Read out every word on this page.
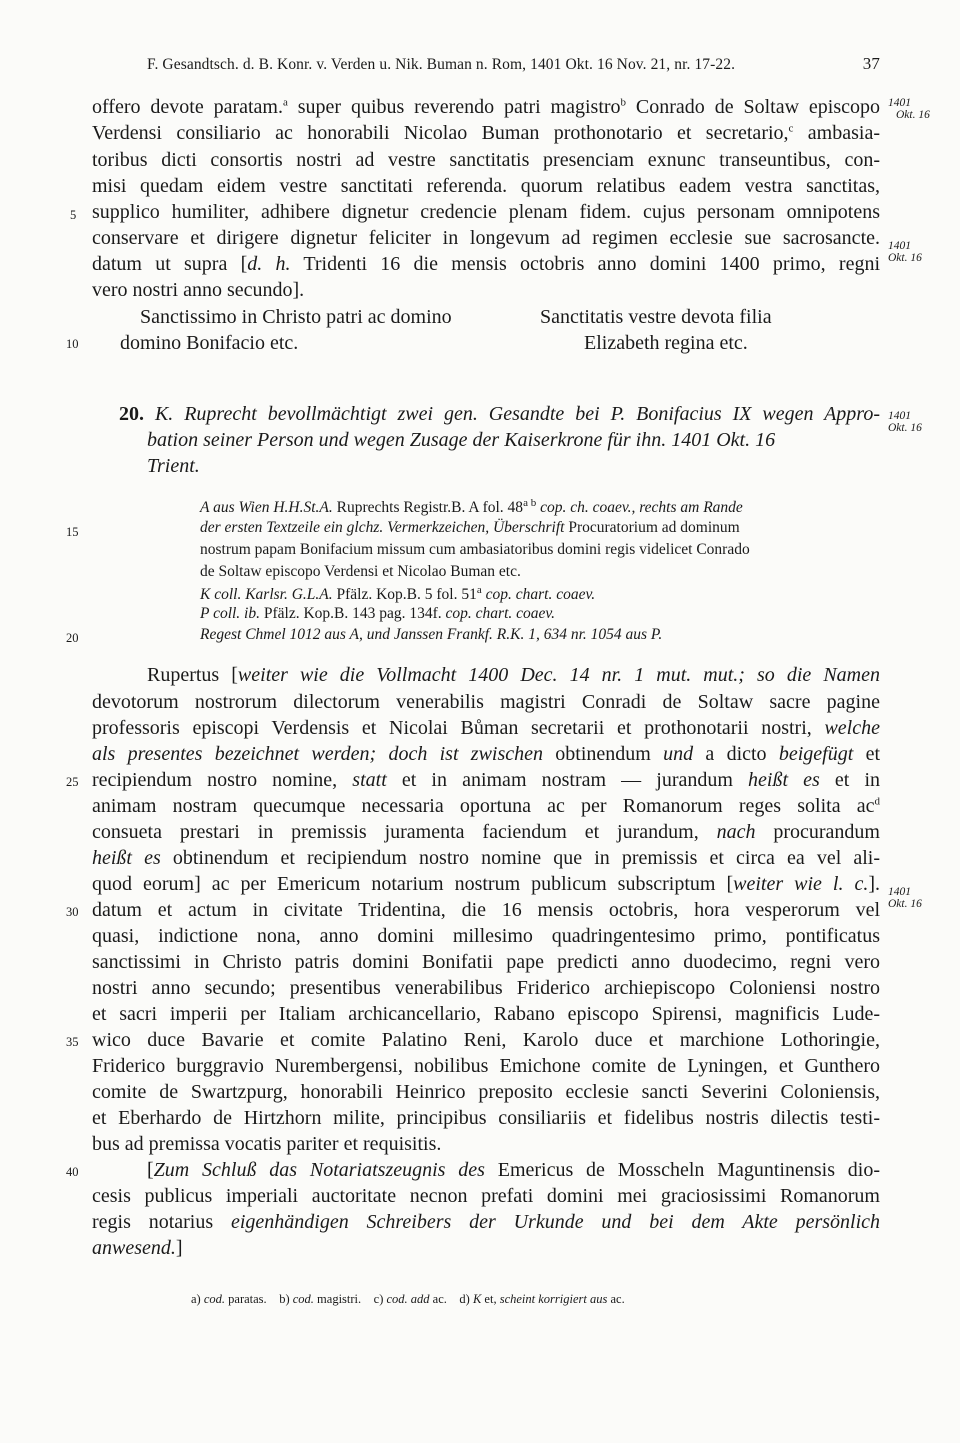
F. Gesandtsch. d. B. Konr. v. Verden u. Nik. Buman n. Rom, 1401 Okt. 16 Nov. 21, nr. 17-22.	37
offero devote paratam.$^a$ super quibus reverendo patri magistro$^b$ Conrado de Soltaw episcopo
Verdensi consiliario ac honorabili Nicolao Buman prothonotario et secretario,$^c$ ambasia-
toribus dicti consortis nostri ad vestre sanctitatis presenciam exnunc transeuntibus, con-
misi quedam eidem vestre sanctitati referenda. quorum relatibus eadem vestra sanctitas,
supplico humiliter, adhibere dignetur credencie plenam fidem. cujus personam omnipotens
conservare et dirigere dignetur feliciter in longevum ad regimen ecclesie sue sacrosancte.
datum ut supra [d. h. Tridenti 16 die mensis octobris anno domini 1400 primo, regni
vero nostri anno secundo].
Sanctissimo in Christo patri ac domino
domino Bonifacio etc.
Sanctitatis vestre devota filia
Elizabeth regina etc.
20. K. Ruprecht bevollmächtigt zwei gen. Gesandte bei P. Bonifacius IX wegen Appro-
bation seiner Person und wegen Zusage der Kaiserkrone für ihn. 1401 Okt. 16
Trient.
A aus Wien H.H.St.A. Ruprechts Registr.B. A fol. $48^{a b}$ cop. ch. coaev., rechts am Rande
der ersten Textzeile ein glchz. Vermerkzeichen, Überschrift Procuratorium ad dominum
nostrum papam Bonifacium missum cum ambasiatoribus domini regis videlicet Conrado
de Soltaw episcopo Verdensi et Nicolao Buman etc.
K coll. Karlsr. G.L.A. Pfälz. Kop.B. 5 fol. 51$^a$ cop. chart. coaev.
P coll. ib. Pfälz. Kop.B. 143 pag. 134f. cop. chart. coaev.
Regest Chmel 1012 aus A, und Janssen Frankf. R.K. 1, 634 nr. 1054 aus P.
Rupertus [weiter wie die Vollmacht 1400 Dec. 14 nr. 1 mut. mut.; so die Namen
devotorum nostrorum dilectorum venerabilis magistri Conradi de Soltaw sacre pagine
professoris episcopi Verdensis et Nicolai Bůman secretarii et prothonotarii nostri, welche
als presentes bezeichnet werden; doch ist zwischen obtinendum und a dicto beigefügt et
recipiendum nostro nomine, statt et in animam nostram — jurandum heißt es et in
animam nostram quecumque necessaria oportuna ac per Romanorum reges solita $ac^d$
consueta prestari in premissis juramenta faciendum et jurandum, nach procurandum
heißt es obtinendum et recipiendum nostro nomine que in premissis et circa ea vel ali-
quod eorum] ac per Emericum notarium nostrum publicum subscriptum [weiter wie l. c.].
datum et actum in civitate Tridentina, die 16 mensis octobris, hora vesperorum vel
quasi, indictione nona, anno domini millesimo quadringentesimo primo, pontificatus
sanctissimi in Christo patris domini Bonifatii pape predicti anno duodecimo, regni vero
nostri anno secundo; presentibus venerabilibus Friderico archiepiscopo Coloniensi nostro
et sacri imperii per Italiam archicancellario, Rabano episcopo Spirensi, magnificis Lude-
wico duce Bavarie et comite Palatino Reni, Karolo duce et marchione Lothoringie,
Friderico burggravio Nurembergensi, nobilibus Emichone comite de Lyningen, et Gunthero
comite de Swartzpurg, honorabili Heinrico preposito ecclesie sancti Severini Coloniensis,
et Eberhardo de Hirtzhorn milite, principibus consiliariis et fidelibus nostris dilectis testi-
bus ad premissa vocatis pariter et requisitis.
[Zum Schluß das Notariatszeugnis des Emericus de Mosscheln Maguntinensis dio-
cesis publicus imperiali auctoritate necnon prefati domini mei graciosissimi Romanorum
regis notarius eigenhändigen Schreibers der Urkunde und bei dem Akte persönlich
anwesend.]
a) cod. paratas. b) cod. magistri. c) cod. add ac. d) K et, scheint korrigiert aus ac.
5
10
15
20
25
30
35
40
1401
Okt. 16
1401
Okt. 16
1401
Okt. 16
1401
Okt. 16
